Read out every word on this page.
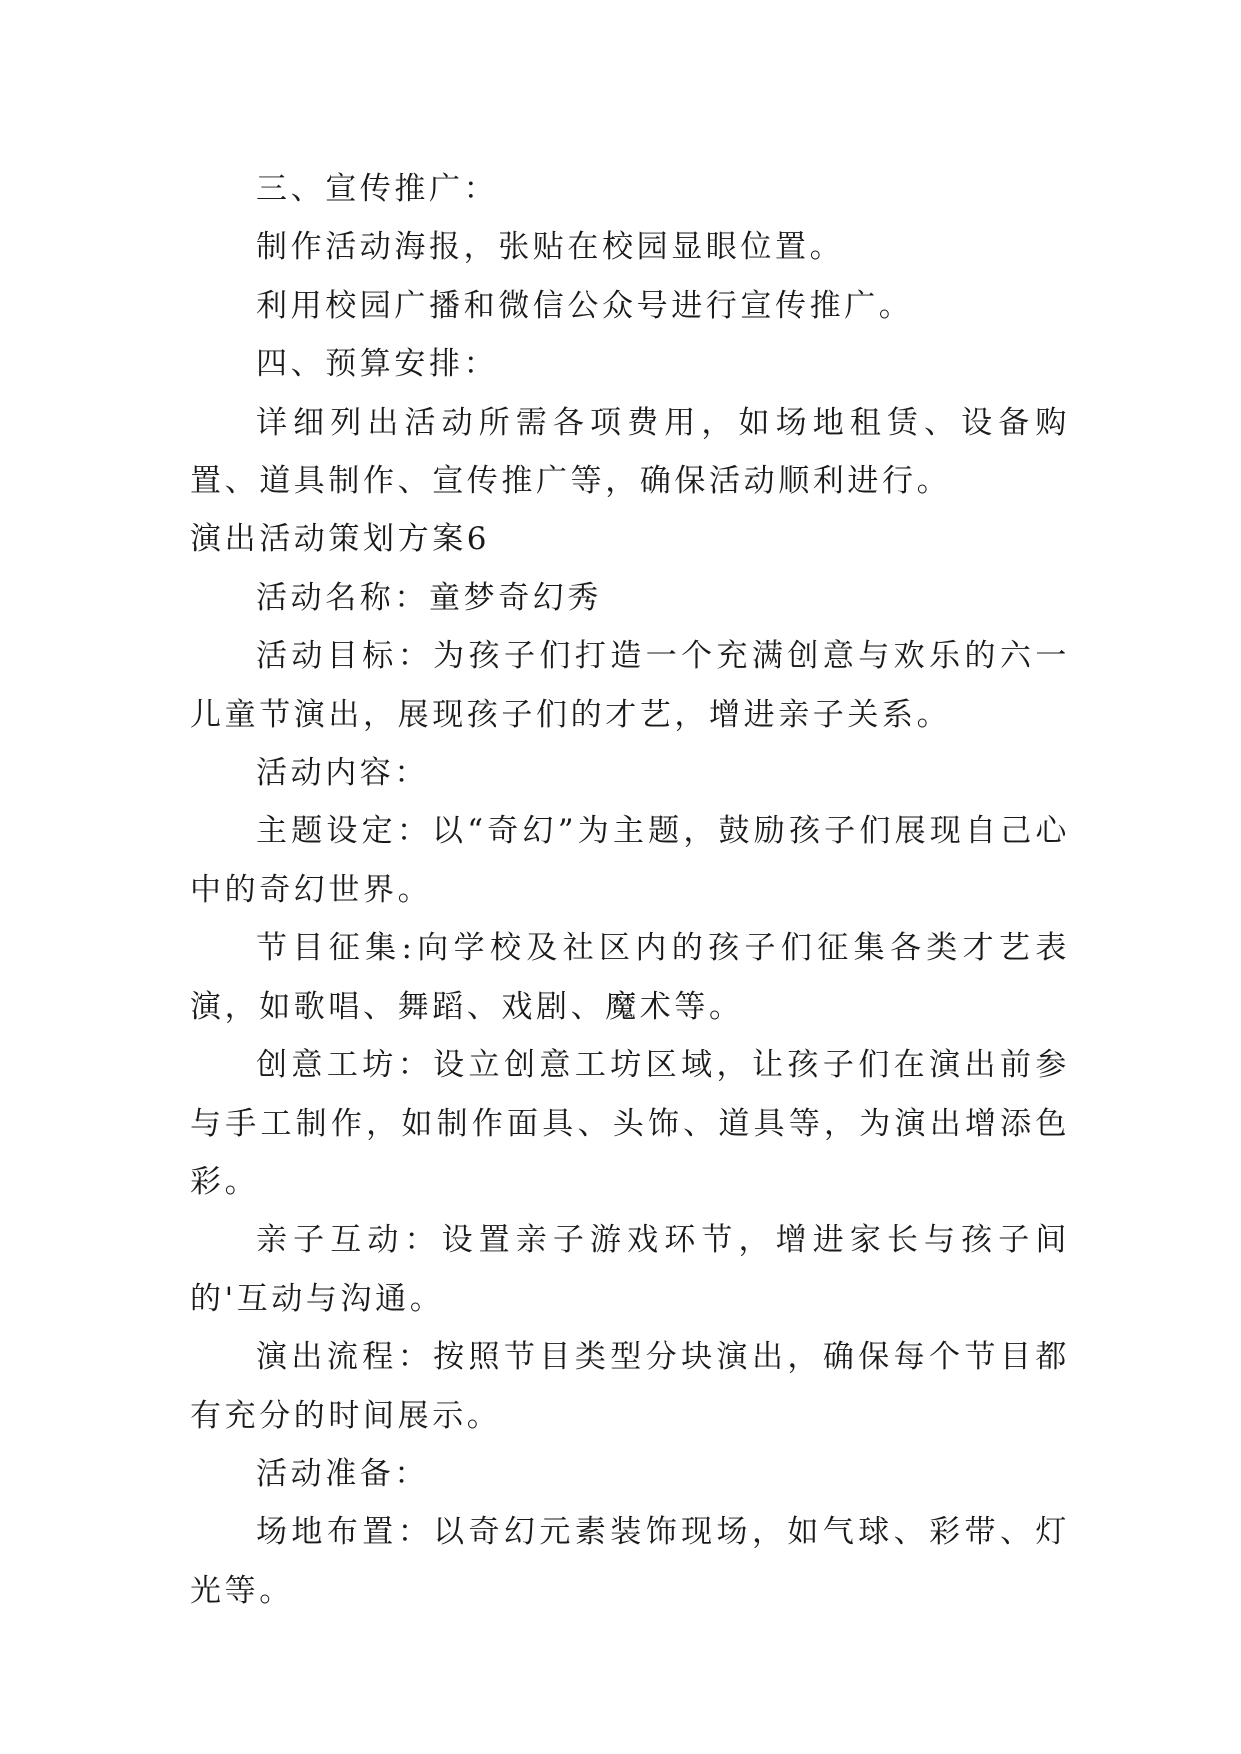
三、宣传推广：

制作活动海报，张贴在校园显眼位置。

利用校园广播和微信公众号进行宣传推广。

四、预算安排：

详细列出活动所需各项费用，如场地租赁、设备购置、道具制作、宣传推广等，确保活动顺利进行。

演出活动策划方案6

活动名称：童梦奇幻秀

活动目标：为孩子们打造一个充满创意与欢乐的六一儿童节演出，展现孩子们的才艺，增进亲子关系。

活动内容：

主题设定：以“奇幻”为主题，鼓励孩子们展现自己心中的奇幻世界。

节目征集:向学校及社区内的孩子们征集各类才艺表演，如歌唱、舞蹈、戏剧、魔术等。

创意工坊：设立创意工坊区域，让孩子们在演出前参与手工制作，如制作面具、头饰、道具等，为演出增添色彩。

亲子互动：设置亲子游戏环节，增进家长与孩子间的'互动与沟通。

演出流程：按照节目类型分块演出，确保每个节目都有充分的时间展示。

活动准备：

场地布置：以奇幻元素装饰现场，如气球、彩带、灯光等。
